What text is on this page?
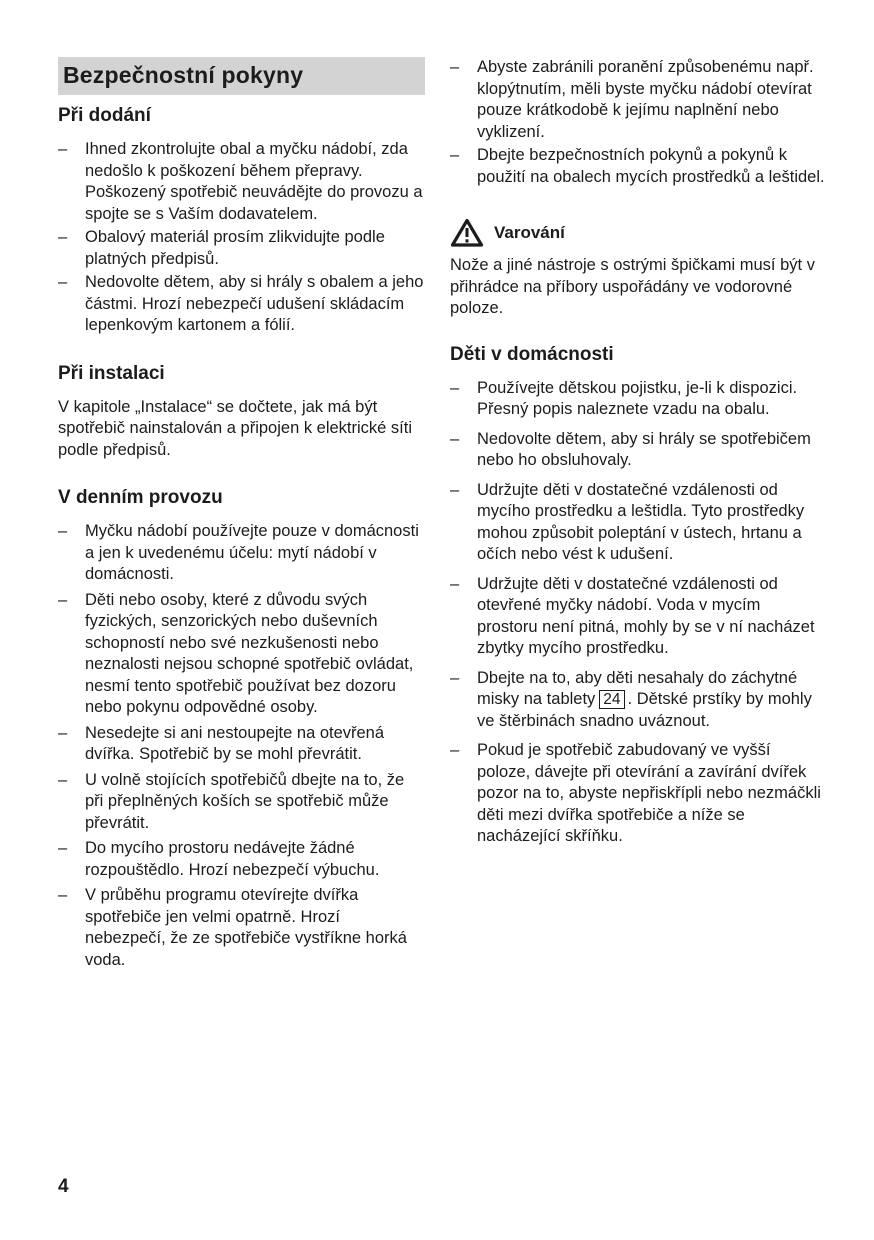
Bezpečnostní pokyny
Při dodání
–	Ihned zkontrolujte obal a myčku nádobí, zda nedošlo k poškození během přepravy. Poškozený spotřebič neuvádějte do provozu a spojte se s Vaším dodavatelem.
–	Obalový materiál prosím zlikvidujte podle platných předpisů.
–	Nedovolte dětem, aby si hrály s obalem a jeho částmi. Hrozí nebezpečí udušení skládacím lepenkovým kartonem a fólií.
Při instalaci

V kapitole „Instalace“ se dočtete, jak má být spotřebič nainstalován a připojen k elektrické síti podle předpisů.

V denním provozu
–	Myčku nádobí používejte pouze v domácnosti a jen k uvedenému účelu: mytí nádobí v domácnosti.
–	Děti nebo osoby, které z důvodu svých fyzických, senzorických nebo duševních schopností nebo své nezkušenosti nebo neznalosti nejsou schopné spotřebič ovládat, nesmí tento spotřebič používat bez dozoru nebo pokynu odpovědné osoby.
–	Nesedejte si ani nestoupejte na otevřená dvířka. Spotřebič by se mohl převrátit.
–	U volně stojících spotřebičů dbejte na to, že při přeplněných koších se spotřebič může převrátit.
–	Do mycího prostoru nedávejte žádné rozpouštědlo. Hrozí nebezpečí výbuchu.
–	V průběhu programu otevírejte dvířka spotřebiče jen velmi opatrně. Hrozí nebezpečí, že ze spotřebiče vystříkne horká voda.
–	Abyste zabránili poranění způsobenému např. klopýtnutím, měli byste myčku nádobí otevírat pouze krátkodobě k jejímu naplnění nebo vyklizení.
–	Dbejte bezpečnostních pokynů a pokynů k použití na obalech mycích prostředků a leštidel.
Varování

Nože a jiné nástroje s ostrými špičkami musí být v přihrádce na příbory uspořádány ve vodorovné poloze.

Děti v domácnosti
–	Používejte dětskou pojistku, je-li k dispozici. Přesný popis naleznete vzadu na obalu.
–	Nedovolte dětem, aby si hrály se spotřebičem nebo ho obsluhovaly.
–	Udržujte děti v dostatečné vzdálenosti od mycího prostředku a leštidla. Tyto prostředky mohou způsobit poleptání v ústech, hrtanu a očích nebo vést k udušení.
–	Udržujte děti v dostatečné vzdálenosti od otevřené myčky nádobí. Voda v mycím prostoru není pitná, mohly by se v ní nacházet zbytky mycího prostředku.
–	Dbejte na to, aby děti nesahaly do záchytné misky na tablety 24 . Dětské prstíky by mohly ve štěrbinách snadno uváznout.
–	Pokud je spotřebič zabudovaný ve vyšší poloze, dávejte při otevírání a zavírání dvířek pozor na to, abyste nepřiskřípli nebo nezmáčkli děti mezi dvířka spotřebiče a níže se nacházející skříňku.
4
